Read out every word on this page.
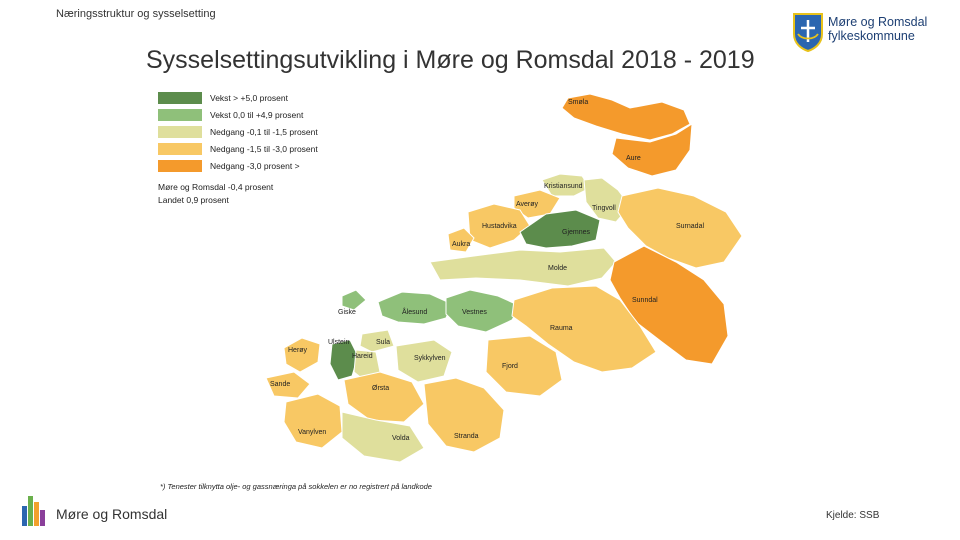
Næringsstruktur og sysselsetting
Møre og Romsdal
fylkeskommune
Sysselsettingsutvikling i Møre og Romsdal 2018 - 2019
Smøla
Aure
Kristiansund
Averøy
Tingvoll
Surnadal
Hustadvika
Gjemnes
Aukra
Molde
Sunndal
Giske	Ålesund	Vestnes
Rauma
Herøy
Ulstein	Sula
Hareid	Sykkylven
Fjord
Sande
Ørsta
Vanylven
Volda	Stranda
Vekst > +5,0 prosent
Vekst 0,0 til +4,9 prosent
Nedgang -0,1 til -1,5 prosent
Nedgang -1,5 til -3,0 prosent
Nedgang -3,0 prosent >
Møre og Romsdal -0,4 prosent
Landet 0,9 prosent
*) Tenester tilknytta olje- og gassnæringa på sokkelen er no registrert på landkode
Møre og Romsdal	Kjelde: SSB
